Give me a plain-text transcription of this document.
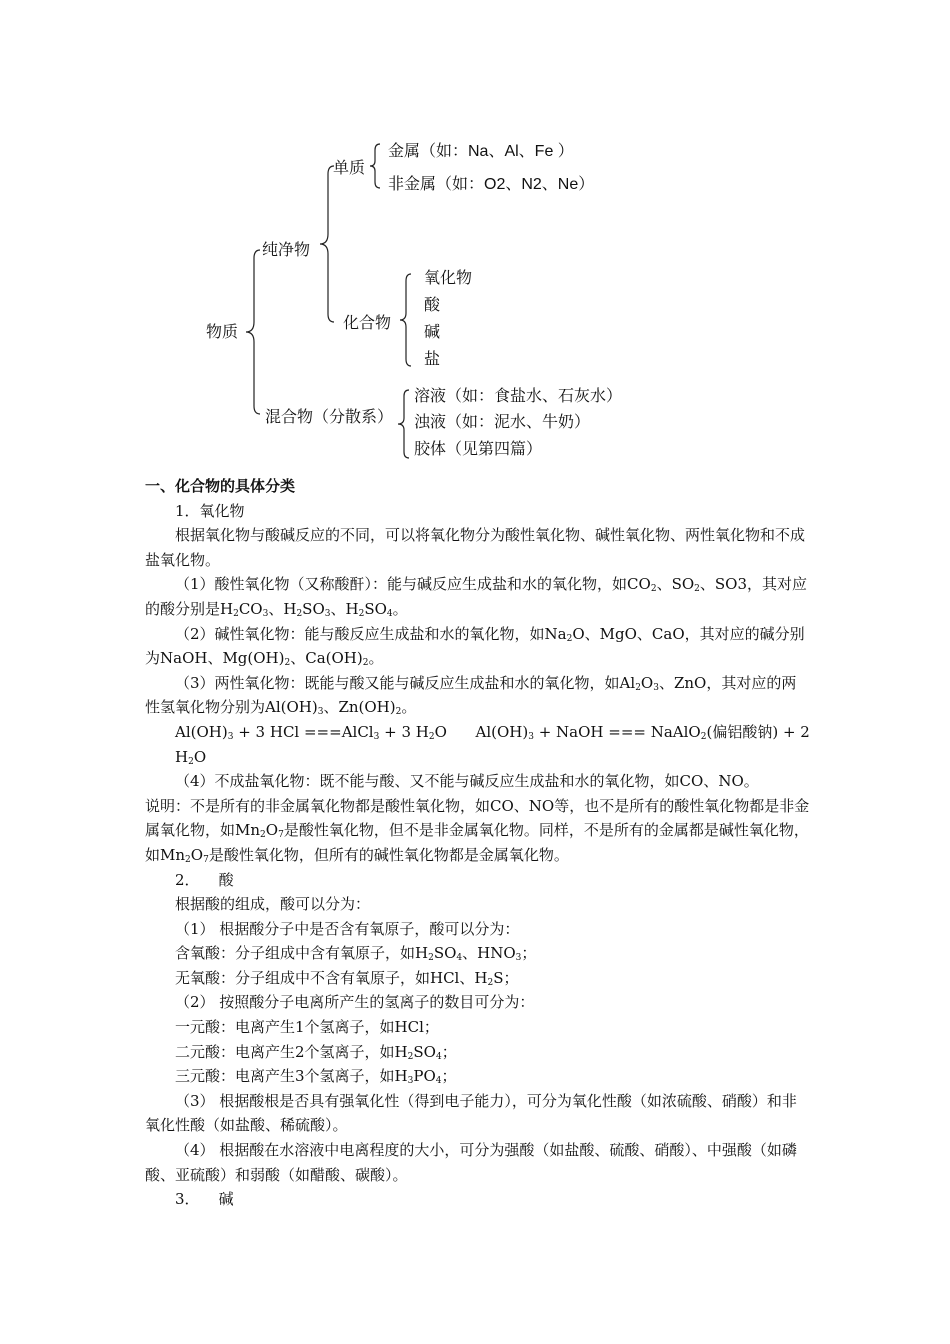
物质
纯净物
混合物（分散系）
单质
化合物
金属（如：Na、Al、Fe ）
非金属（如：O2、N2、Ne）
氧化物
酸
碱
盐
溶液（如：食盐水、石灰水）
浊液（如：泥水、牛奶）
胶体（见第四篇）

一、化合物的具体分类

1．氧化物

根据氧化物与酸碱反应的不同，可以将氧化物分为酸性氧化物、碱性氧化物、两性氧化物和不成盐氧化物。

（1）酸性氧化物（又称酸酐）：能与碱反应生成盐和水的氧化物，如$CO_2$、$SO_2$、SO3，其对应的酸分别是$H_2CO_3$、$H_2SO_3$、$H_2SO_4$。

（2）碱性氧化物：能与酸反应生成盐和水的氧化物，如$Na_2O$、MgO、CaO，其对应的碱分别为NaOH、$Mg(OH)_2$、$Ca(OH)_2$。

（3）两性氧化物：既能与酸又能与碱反应生成盐和水的氧化物，如$Al_2O_3$、ZnO，其对应的两性氢氧化物分别为$Al(OH)_3$、$Zn(OH)_2$。

$Al(OH)_3 + 3$ HCl ===AlCl$_3$ + 3 $H_2O$      $Al(OH)_3$ + NaOH === NaAlO$_2$(偏铝酸钠) + 2 $H_2O$

（4）不成盐氧化物：既不能与酸、又不能与碱反应生成盐和水的氧化物，如CO、NO。

说明：不是所有的非金属氧化物都是酸性氧化物，如CO、NO等，也不是所有的酸性氧化物都是非金属氧化物，如$Mn_2O_7$是酸性氧化物，但不是非金属氧化物。同样，不是所有的金属都是碱性氧化物，如$Mn_2O_7$是酸性氧化物，但所有的碱性氧化物都是金属氧化物。

2．    酸

根据酸的组成，酸可以分为：

（1） 根据酸分子中是否含有氧原子，酸可以分为：

含氧酸：分子组成中含有氧原子，如$H_2SO_4$、$HNO_3$；

无氧酸：分子组成中不含有氧原子，如HCl、$H_2S$；

（2） 按照酸分子电离所产生的氢离子的数目可分为：

一元酸：电离产生1个氢离子，如HCl；

二元酸：电离产生2个氢离子，如$H_2SO_4$；

三元酸：电离产生3个氢离子，如$H_3PO_4$；

（3） 根据酸根是否具有强氧化性（得到电子能力），可分为氧化性酸（如浓硫酸、硝酸）和非氧化性酸（如盐酸、稀硫酸）。

（4） 根据酸在水溶液中电离程度的大小，可分为强酸（如盐酸、硫酸、硝酸）、中强酸（如磷酸、亚硫酸）和弱酸（如醋酸、碳酸）。

3．    碱
